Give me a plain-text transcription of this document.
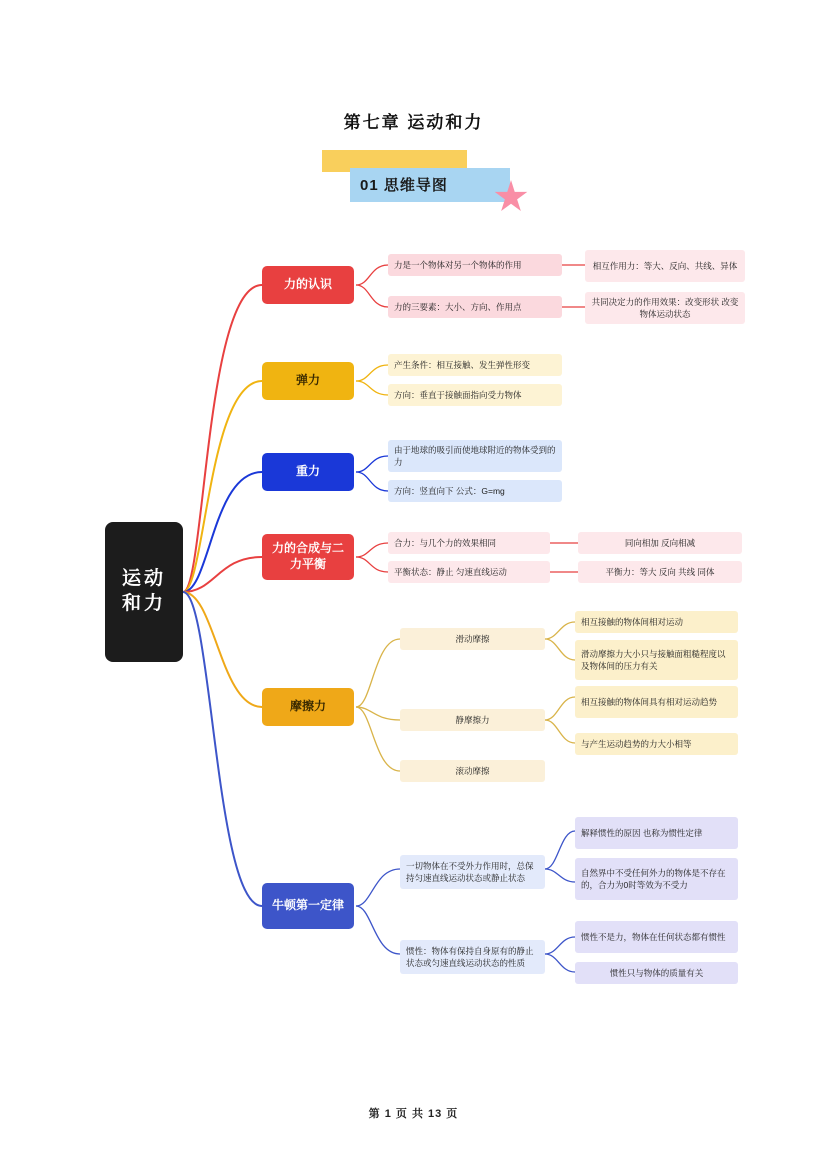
第七章 运动和力
01 思维导图
运动和力
力的认识
弹力
重力
力的合成与二力平衡
摩擦力
牛顿第一定律
力是一个物体对另一个物体的作用
力的三要素：大小、方向、作用点
相互作用力：等大、反向、共线、异体
共同决定力的作用效果：改变形状 改变物体运动状态
产生条件：相互接触、发生弹性形变
方向：垂直于接触面指向受力物体
由于地球的吸引而使地球附近的物体受到的力
方向：竖直向下 公式：G=mg
合力：与几个力的效果相同
平衡状态：静止 匀速直线运动
同向相加 反向相减
平衡力：等大 反向 共线 同体
滑动摩擦
静摩擦力
滚动摩擦
相互接触的物体间相对运动
滑动摩擦力大小只与接触面粗糙程度以及物体间的压力有关
相互接触的物体间具有相对运动趋势
与产生运动趋势的力大小相等
一切物体在不受外力作用时，总保持匀速直线运动状态或静止状态
惯性：物体有保持自身原有的静止状态或匀速直线运动状态的性质
解释惯性的原因 也称为惯性定律
自然界中不受任何外力的物体是不存在的，合力为0时等效为不受力
惯性不是力，物体在任何状态都有惯性
惯性只与物体的质量有关
第 1 页 共 13 页
